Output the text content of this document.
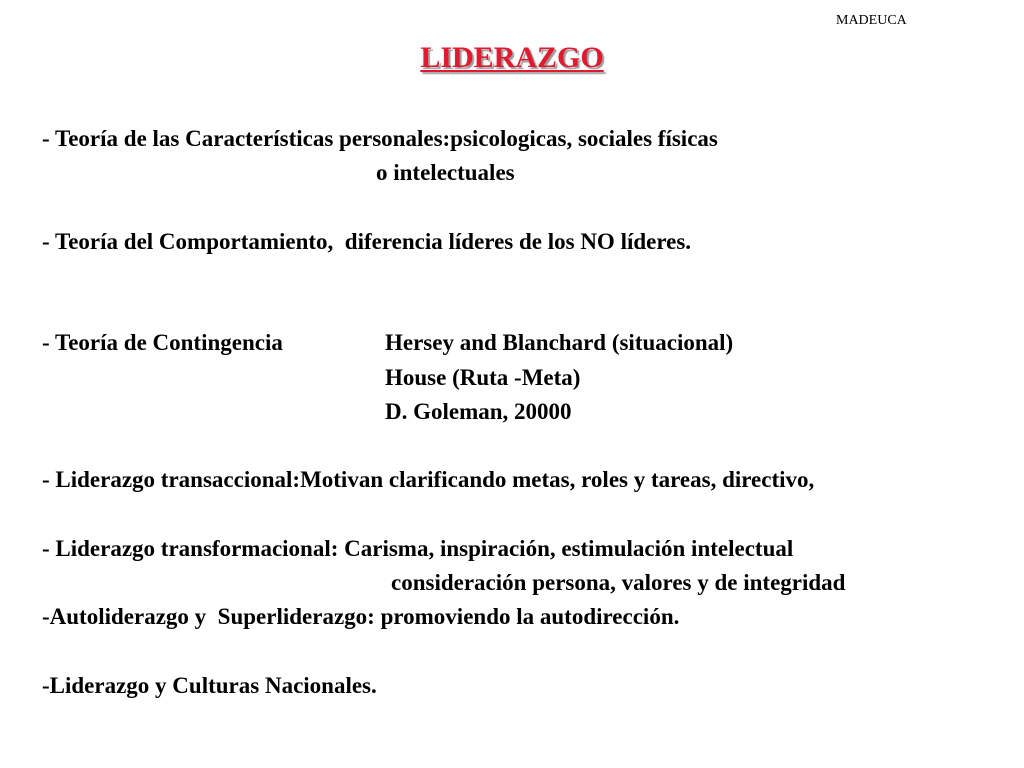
MADEUCA
LIDERAZGO
- Teoría de las Características personales:psicologicas, sociales físicas
o intelectuales
- Teoría del Comportamiento,  diferencia líderes de los NO líderes.
- Teoría de Contingencia	Hersey and Blanchard (situacional)
House (Ruta -Meta)
D. Goleman, 20000
- Liderazgo transaccional:Motivan clarificando metas, roles y tareas, directivo,
- Liderazgo transformacional: Carisma, inspiración, estimulación intelectual
consideración persona, valores y de integridad
-Autoliderazgo y  Superliderazgo: promoviendo la autodirección.
-Liderazgo y Culturas Nacionales.
